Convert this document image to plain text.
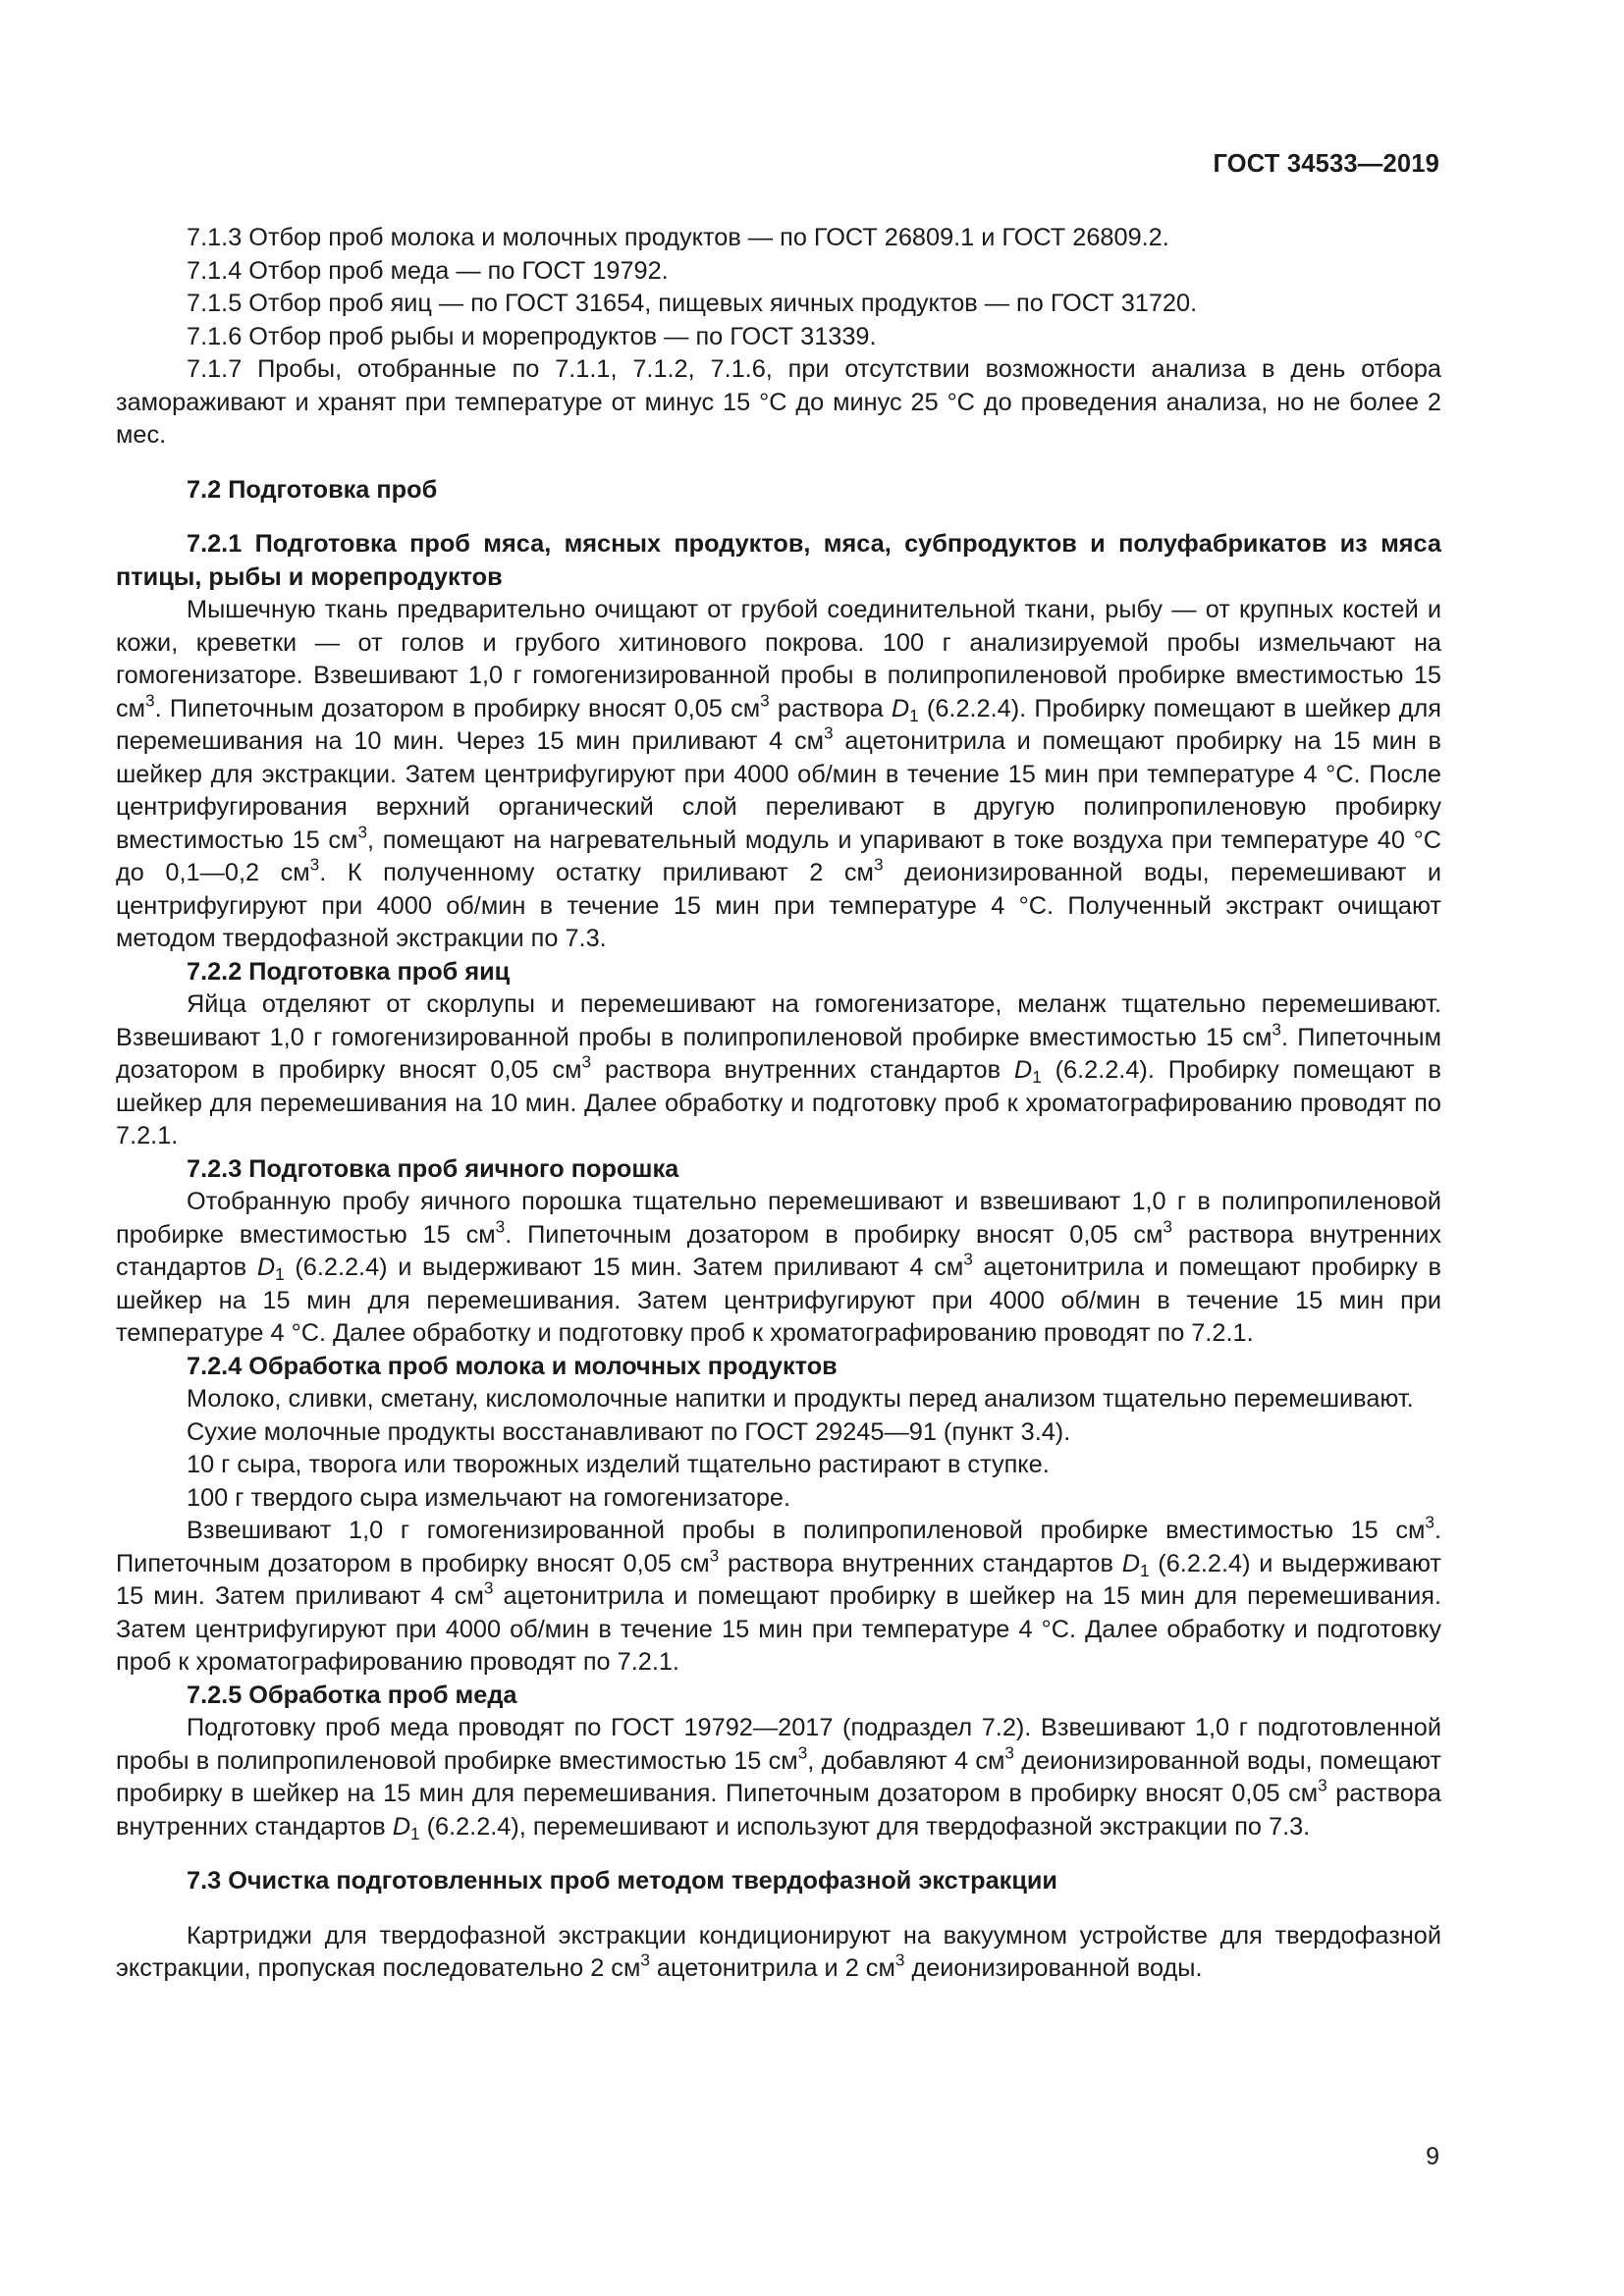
ГОСТ 34533—2019

7.1.3 Отбор проб молока и молочных продуктов — по ГОСТ 26809.1 и ГОСТ 26809.2.

7.1.4 Отбор проб меда — по ГОСТ 19792.

7.1.5 Отбор проб яиц — по ГОСТ 31654, пищевых яичных продуктов — по ГОСТ 31720.

7.1.6 Отбор проб рыбы и морепродуктов — по ГОСТ 31339.

7.1.7 Пробы, отобранные по 7.1.1, 7.1.2, 7.1.6, при отсутствии возможности анализа в день отбора замораживают и хранят при температуре от минус 15 °С до минус 25 °С до проведения анализа, но не более 2 мес.

7.2 Подготовка проб

7.2.1 Подготовка проб мяса, мясных продуктов, мяса, субпродуктов и полуфабрикатов из мяса птицы, рыбы и морепродуктов

Мышечную ткань предварительно очищают от грубой соединительной ткани, рыбу — от крупных костей и кожи, креветки — от голов и грубого хитинового покрова. 100 г анализируемой пробы измельчают на гомогенизаторе. Взвешивают 1,0 г гомогенизированной пробы в полипропиленовой пробирке вместимостью 15 $см^3$. Пипеточным дозатором в пробирку вносят 0,05 $см^3$ раствора $D_1$ (6.2.2.4). Пробирку помещают в шейкер для перемешивания на 10 мин. Через 15 мин приливают 4 $см^3$ ацетонитрила и помещают пробирку на 15 мин в шейкер для экстракции. Затем центрифугируют при 4000 об/мин в течение 15 мин при температуре 4 °С. После центрифугирования верхний органический слой переливают в другую полипропиленовую пробирку вместимостью 15 $см^3$, помещают на нагревательный модуль и упаривают в токе воздуха при температуре 40 °С до 0,1—0,2 $см^3$. К полученному остатку приливают 2 $см^3$ деионизированной воды, перемешивают и центрифугируют при 4000 об/мин в течение 15 мин при температуре 4 °С. Полученный экстракт очищают методом твердофазной экстракции по 7.3.

7.2.2 Подготовка проб яиц

Яйца отделяют от скорлупы и перемешивают на гомогенизаторе, меланж тщательно перемешивают. Взвешивают 1,0 г гомогенизированной пробы в полипропиленовой пробирке вместимостью 15 $см^3$. Пипеточным дозатором в пробирку вносят 0,05 $см^3$ раствора внутренних стандартов $D_1$ (6.2.2.4). Пробирку помещают в шейкер для перемешивания на 10 мин. Далее обработку и подготовку проб к хроматографированию проводят по 7.2.1.

7.2.3 Подготовка проб яичного порошка

Отобранную пробу яичного порошка тщательно перемешивают и взвешивают 1,0 г в полипропиленовой пробирке вместимостью 15 $см^3$. Пипеточным дозатором в пробирку вносят 0,05 $см^3$ раствора внутренних стандартов $D_1$ (6.2.2.4) и выдерживают 15 мин. Затем приливают 4 $см^3$ ацетонитрила и помещают пробирку в шейкер на 15 мин для перемешивания. Затем центрифугируют при 4000 об/мин в течение 15 мин при температуре 4 °С. Далее обработку и подготовку проб к хроматографированию проводят по 7.2.1.

7.2.4 Обработка проб молока и молочных продуктов

Молоко, сливки, сметану, кисломолочные напитки и продукты перед анализом тщательно перемешивают.

Сухие молочные продукты восстанавливают по ГОСТ 29245—91 (пункт 3.4).

10 г сыра, творога или творожных изделий тщательно растирают в ступке.

100 г твердого сыра измельчают на гомогенизаторе.

Взвешивают 1,0 г гомогенизированной пробы в полипропиленовой пробирке вместимостью 15 $см^3$. Пипеточным дозатором в пробирку вносят 0,05 $см^3$ раствора внутренних стандартов $D_1$ (6.2.2.4) и выдерживают 15 мин. Затем приливают 4 $см^3$ ацетонитрила и помещают пробирку в шейкер на 15 мин для перемешивания. Затем центрифугируют при 4000 об/мин в течение 15 мин при температуре 4 °С. Далее обработку и подготовку проб к хроматографированию проводят по 7.2.1.

7.2.5 Обработка проб меда

Подготовку проб меда проводят по ГОСТ 19792—2017 (подраздел 7.2). Взвешивают 1,0 г подготовленной пробы в полипропиленовой пробирке вместимостью 15 $см^3$, добавляют 4 $см^3$ деионизированной воды, помещают пробирку в шейкер на 15 мин для перемешивания. Пипеточным дозатором в пробирку вносят 0,05 $см^3$ раствора внутренних стандартов $D_1$ (6.2.2.4), перемешивают и используют для твердофазной экстракции по 7.3.

7.3 Очистка подготовленных проб методом твердофазной экстракции

Картриджи для твердофазной экстракции кондиционируют на вакуумном устройстве для твердофазной экстракции, пропуская последовательно 2 $см^3$ ацетонитрила и 2 $см^3$ деионизированной воды.

9
